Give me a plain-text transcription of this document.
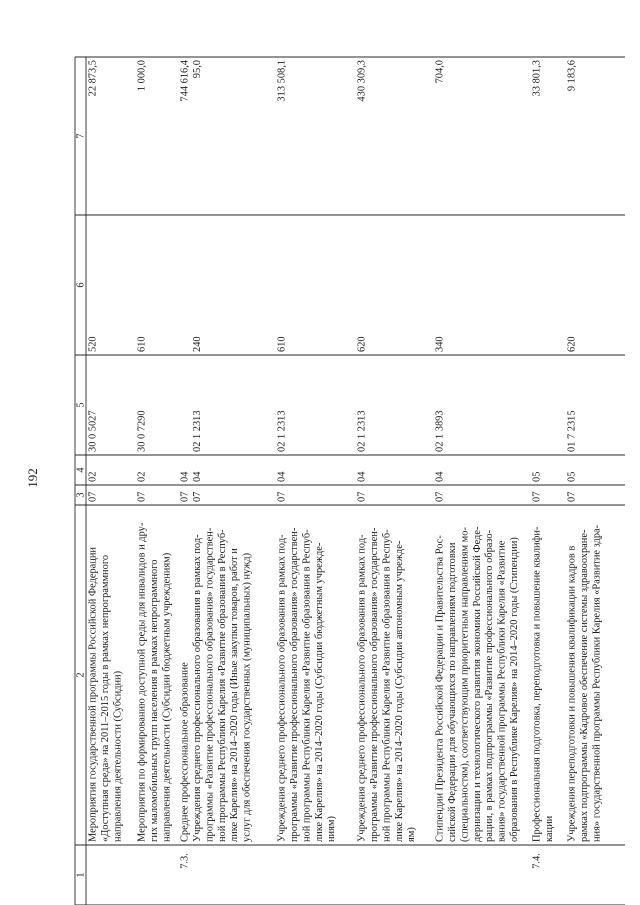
192
1
2
3
4
5
6
7
Мероприятия государственной программы Российской Федерации «Доступная среда» на 2011–2015 годы в рамках непрограммного направления деятельности (Субсидии)
07
02
30 0 5027
520
22 873,5
Мероприятия по формированию доступной среды для инвалидов и дру- гих маломобильных групп населения в рамках непрограммного направления деятельности (Субсидии бюджетным учреждениям)
07
02
30 0 7290
610
1 000,0
7.3.
Среднее профессиональное образование Учреждения среднего профессионального образования в рамках под- программы «Развитие профессионального образования» государствен- ной программы Республики Карелия «Развитие образования в Респуб- лике Карелия» на 2014–2020 годы (Иные закупки товаров, работ и услуг для обеспечения государственных (муниципальных) нужд)
07 07
04 04
02 1 2313
240
744 616,4 95,0
Учреждения среднего профессионального образования в рамках под- программы «Развитие профессионального образования» государствен- ной программы Республики Карелия «Развитие образования в Респуб- лике Карелия» на 2014–2020 годы (Субсидии бюджетным учрежде- ниям)
07
04
02 1 2313
610
313 508,1
Учреждения среднего профессионального образования в рамках под- программы «Развитие профессионального образования» государствен- ной программы Республики Карелия «Развитие образования в Респуб- лике Карелия» на 2014–2020 годы (Субсидии автономным учрежде- ям)
07
04
02 1 2313
620
430 309,3
Стипендии Президента Российской Федерации и Правительства Рос- сийской Федерации для обучающихся по направлениям подготовки (специальностям), соответствующим приоритетным направлениям мо- дернизации и технологического развития экономики Российской Феде- рации, в рамках подпрограммы «Развитие профессионального образо- вания» государственной программы Республики Карелия «Развитие образования в Республике Карелия» на 2014–2020 годы (Стипендии)
07
04
02 1 3893
340
704,0
7.4.
Профессиональная подготовка, переподготовка и повышение квалифи- кации
07
05
33 801,3
Учреждения переподготовки и повышения квалификации кадров в рамках подпрограммы «Кадровое обеспечение системы здравоохране- ния» государственной программы Республики Карелия «Развитие здра-
07
05
01 7 2315
620
9 183,6
